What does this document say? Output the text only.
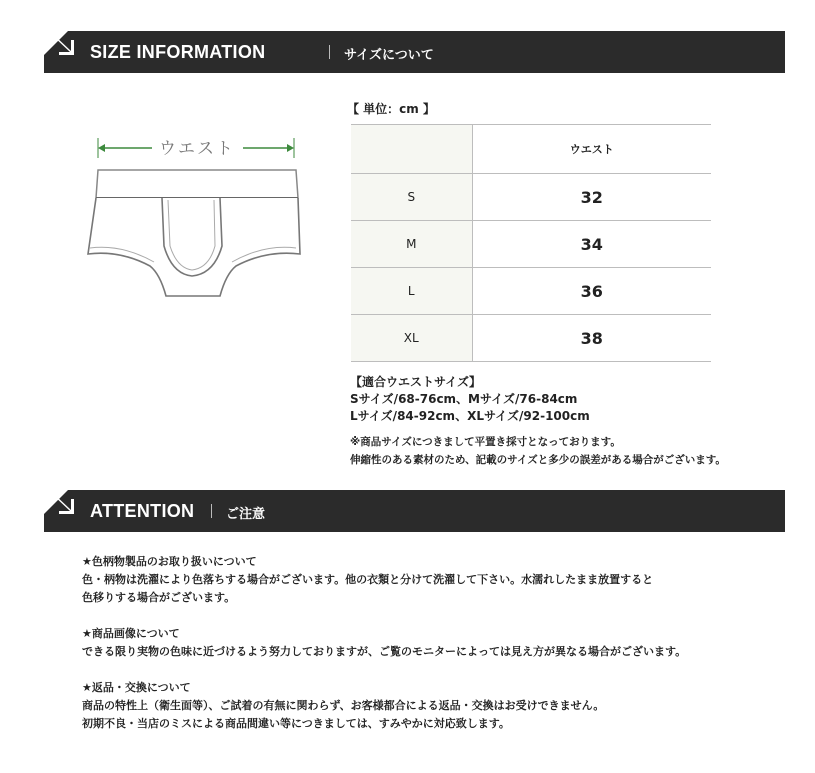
SIZE INFORMATION	サイズについて
ウエスト
【 単位：cm 】
	ウエスト
S	32
M	34
L	36
XL	38
【適合ウエストサイズ】
Sサイズ/68-76cm、Mサイズ/76-84cm
Lサイズ/84-92cm、XLサイズ/92-100cm
※商品サイズにつきまして平置き採寸となっております。
伸縮性のある素材のため、記載のサイズと多少の誤差がある場合がございます。
ATTENTION ご注意
★色柄物製品のお取り扱いについて
色・柄物は洗濯により色落ちする場合がございます。他の衣類と分けて洗濯して下さい。水濡れしたまま放置すると
色移りする場合がございます。
★商品画像について
できる限り実物の色味に近づけるよう努力しておりますが、ご覧のモニターによっては見え方が異なる場合がございます。
★返品・交換について
商品の特性上（衛生面等）、ご試着の有無に関わらず、お客様都合による返品・交換はお受けできません。
初期不良・当店のミスによる商品間違い等につきましては、すみやかに対応致します。
